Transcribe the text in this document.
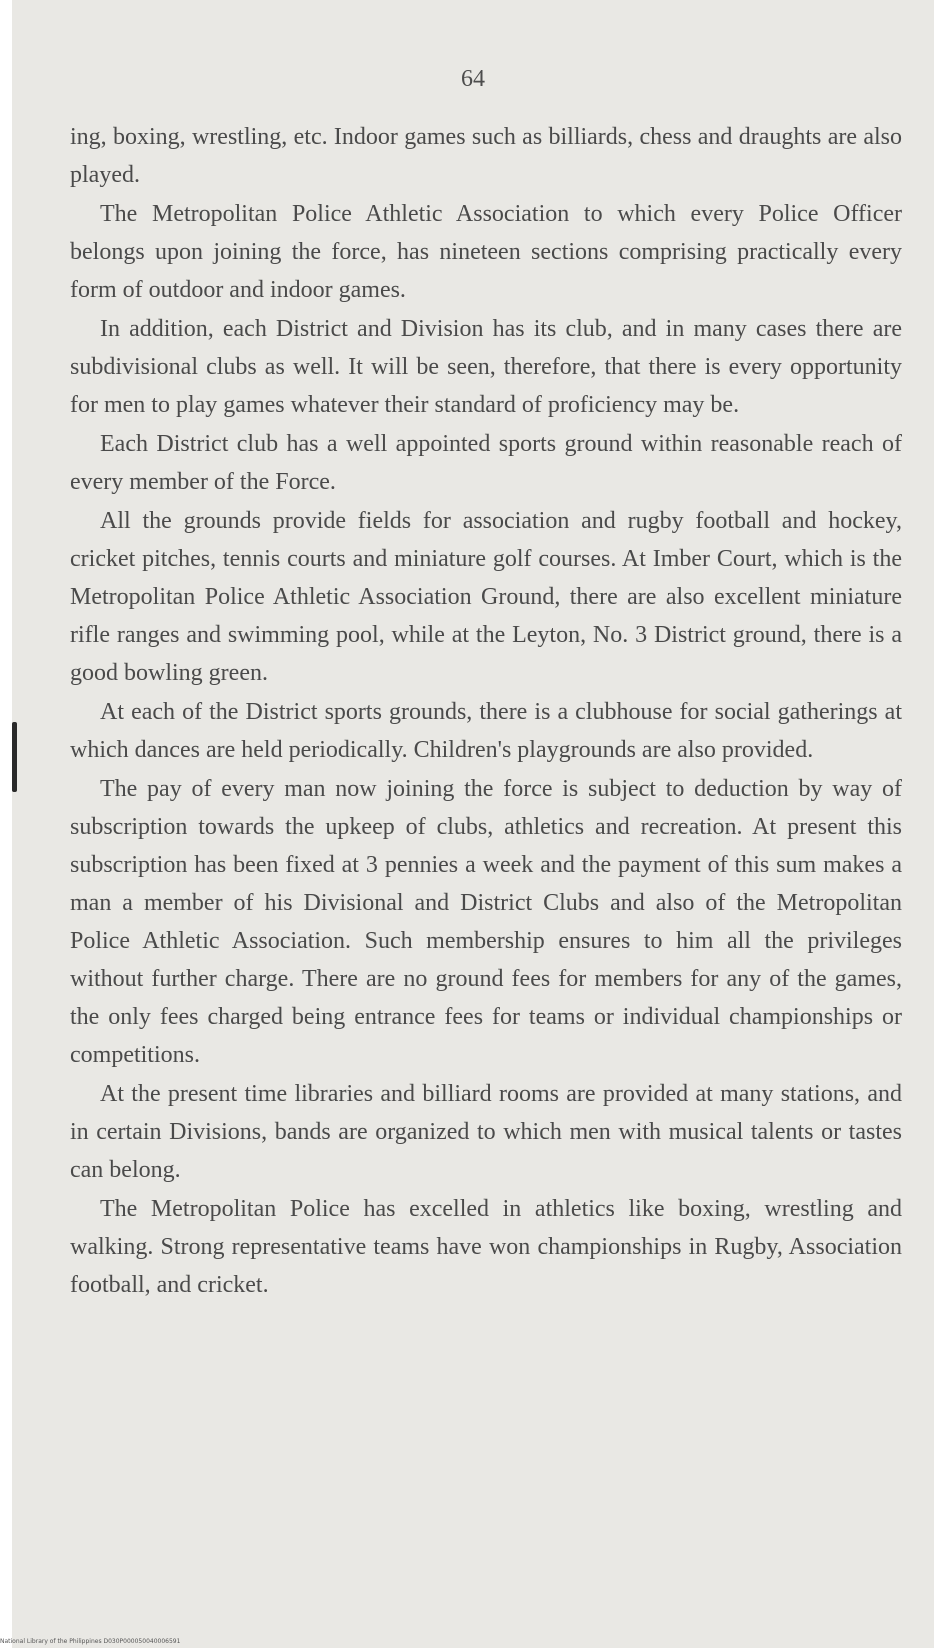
64

ing, boxing, wrestling, etc. Indoor games such as billiards, chess and draughts are also played.

The Metropolitan Police Athletic Association to which every Police Officer belongs upon joining the force, has nineteen sections comprising practically every form of outdoor and indoor games.

In addition, each District and Division has its club, and in many cases there are subdivisional clubs as well. It will be seen, therefore, that there is every opportunity for men to play games whatever their standard of proficiency may be.

Each District club has a well appointed sports ground within reasonable reach of every member of the Force.

All the grounds provide fields for association and rugby football and hockey, cricket pitches, tennis courts and miniature golf courses. At Imber Court, which is the Metropolitan Police Athletic Association Ground, there are also excellent miniature rifle ranges and swimming pool, while at the Leyton, No. 3 District ground, there is a good bowling green.

At each of the District sports grounds, there is a clubhouse for social gatherings at which dances are held periodically. Children's playgrounds are also provided.

The pay of every man now joining the force is subject to deduction by way of subscription towards the upkeep of clubs, athletics and recreation. At present this subscription has been fixed at 3 pennies a week and the payment of this sum makes a man a member of his Divisional and District Clubs and also of the Metropolitan Police Athletic Association. Such membership ensures to him all the privileges without further charge. There are no ground fees for members for any of the games, the only fees charged being entrance fees for teams or individual championships or competitions.

At the present time libraries and billiard rooms are provided at many stations, and in certain Divisions, bands are organized to which men with musical talents or tastes can belong.

The Metropolitan Police has excelled in athletics like boxing, wrestling and walking. Strong representative teams have won championships in Rugby, Association football, and cricket.

National Library of the Philippines D030P000050040006591
